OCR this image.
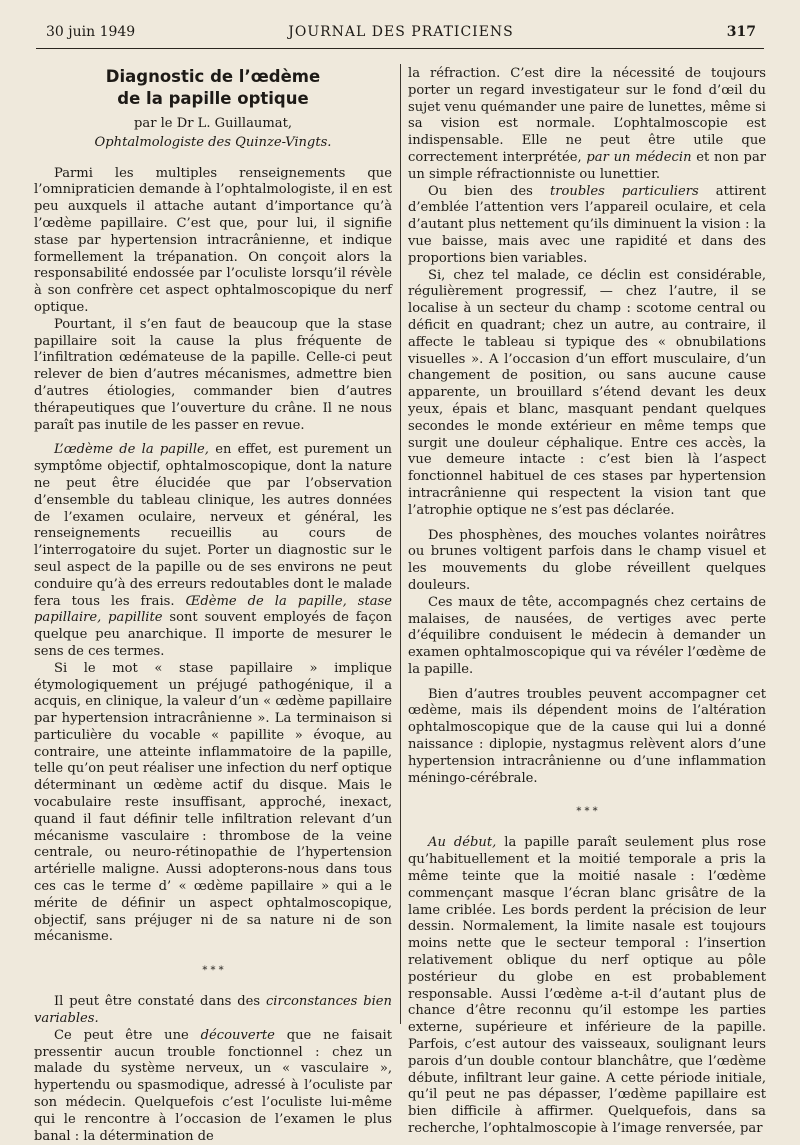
30 juin 1949	JOURNAL DES PRATICIENS	317
Diagnostic de l’œdème
de la papille optique
par le Dr L. Guillaumat,
Ophtalmologiste des Quinze-Vingts.

Parmi les multiples renseignements que l’omnipraticien demande à l’ophtalmologiste, il en est peu auxquels il attache autant d’importance qu’à l’œdème papillaire. C’est que, pour lui, il signifie stase par hypertension intracrânienne, et indique formellement la trépanation. On conçoit alors la responsabilité endossée par l’oculiste lorsqu’il révèle à son confrère cet aspect ophtalmoscopique du nerf optique.

Pourtant, il s’en faut de beaucoup que la stase papillaire soit la cause la plus fréquente de l’infiltration œdémateuse de la papille. Celle-ci peut relever de bien d’autres mécanismes, admettre bien d’autres étiologies, commander bien d’autres thérapeutiques que l’ouverture du crâne. Il ne nous paraît pas inutile de les passer en revue.

L’œdème de la papille, en effet, est purement un symptôme objectif, ophtalmoscopique, dont la nature ne peut être élucidée que par l’observation d’ensemble du tableau clinique, les autres données de l’examen oculaire, nerveux et général, les renseignements recueillis au cours de l’interrogatoire du sujet. Porter un diagnostic sur le seul aspect de la papille ou de ses environs ne peut conduire qu’à des erreurs redoutables dont le malade fera tous les frais. Œdème de la papille, stase papillaire, papillite sont souvent employés de façon quelque peu anarchique. Il importe de mesurer le sens de ces termes.

Si le mot « stase papillaire » implique étymologiquement un préjugé pathogénique, il a acquis, en clinique, la valeur d’un « œdème papillaire par hypertension intracrânienne ». La terminaison si particulière du vocable « papillite » évoque, au contraire, une atteinte inflammatoire de la papille, telle qu’on peut réaliser une infection du nerf optique déterminant un œdème actif du disque. Mais le vocabulaire reste insuffisant, approché, inexact, quand il faut définir telle infiltration relevant d’un mécanisme vasculaire : thrombose de la veine centrale, ou neuro-rétinopathie de l’hypertension artérielle maligne. Aussi adopterons-nous dans tous ces cas le terme d’ « œdème papillaire » qui a le mérite de définir un aspect ophtalmoscopique, objectif, sans préjuger ni de sa nature ni de son mécanisme.

* * *

Il peut être constaté dans des circonstances bien variables.

Ce peut être une découverte que ne faisait pressentir aucun trouble fonctionnel : chez un malade du système nerveux, un « vasculaire », hypertendu ou spasmodique, adressé à l’oculiste par son médecin. Quelquefois c’est l’oculiste lui-même qui le rencontre à l’occasion de l’examen le plus banal : la détermination de

la réfraction. C’est dire la nécessité de toujours porter un regard investigateur sur le fond d’œil du sujet venu quémander une paire de lunettes, même si sa vision est normale. L’ophtalmoscopie est indispensable. Elle ne peut être utile que correctement interprétée, par un médecin et non par un simple réfractionniste ou lunettier.

Ou bien des troubles particuliers attirent d’emblée l’attention vers l’appareil oculaire, et cela d’autant plus nettement qu’ils diminuent la vision : la vue baisse, mais avec une rapidité et dans des proportions bien variables.

Si, chez tel malade, ce déclin est considérable, régulièrement progressif, — chez l’autre, il se localise à un secteur du champ : scotome central ou déficit en quadrant; chez un autre, au contraire, il affecte le tableau si typique des « obnubilations visuelles ». A l’occasion d’un effort musculaire, d’un changement de position, ou sans aucune cause apparente, un brouillard s’étend devant les deux yeux, épais et blanc, masquant pendant quelques secondes le monde extérieur en même temps que surgit une douleur céphalique. Entre ces accès, la vue demeure intacte : c’est bien là l’aspect fonctionnel habituel de ces stases par hypertension intracrânienne qui respectent la vision tant que l’atrophie optique ne s’est pas déclarée.

Des phosphènes, des mouches volantes noirâtres ou brunes voltigent parfois dans le champ visuel et les mouvements du globe réveillent quelques douleurs.

Ces maux de tête, accompagnés chez certains de malaises, de nausées, de vertiges avec perte d’équilibre conduisent le médecin à demander un examen ophtalmoscopique qui va révéler l’œdème de la papille.

Bien d’autres troubles peuvent accompagner cet œdème, mais ils dépendent moins de l’altération ophtalmoscopique que de la cause qui lui a donné naissance : diplopie, nystagmus relèvent alors d’une hypertension intracrânienne ou d’une inflammation méningo-cérébrale.

* * *

Au début, la papille paraît seulement plus rose qu’habituellement et la moitié temporale a pris la même teinte que la moitié nasale : l’œdème commençant masque l’écran blanc grisâtre de la lame criblée. Les bords perdent la précision de leur dessin. Normalement, la limite nasale est toujours moins nette que le secteur temporal : l’insertion relativement oblique du nerf optique au pôle postérieur du globe en est probablement responsable. Aussi l’œdème a-t-il d’autant plus de chance d’être reconnu qu’il estompe les parties externe, supérieure et inférieure de la papille. Parfois, c’est autour des vaisseaux, soulignant leurs parois d’un double contour blanchâtre, que l’œdème débute, infiltrant leur gaine. A cette période initiale, qu’il peut ne pas dépasser, l’œdème papillaire est bien difficile à affirmer. Quelquefois, dans sa recherche, l’ophtalmoscopie à l’image renversée, par
